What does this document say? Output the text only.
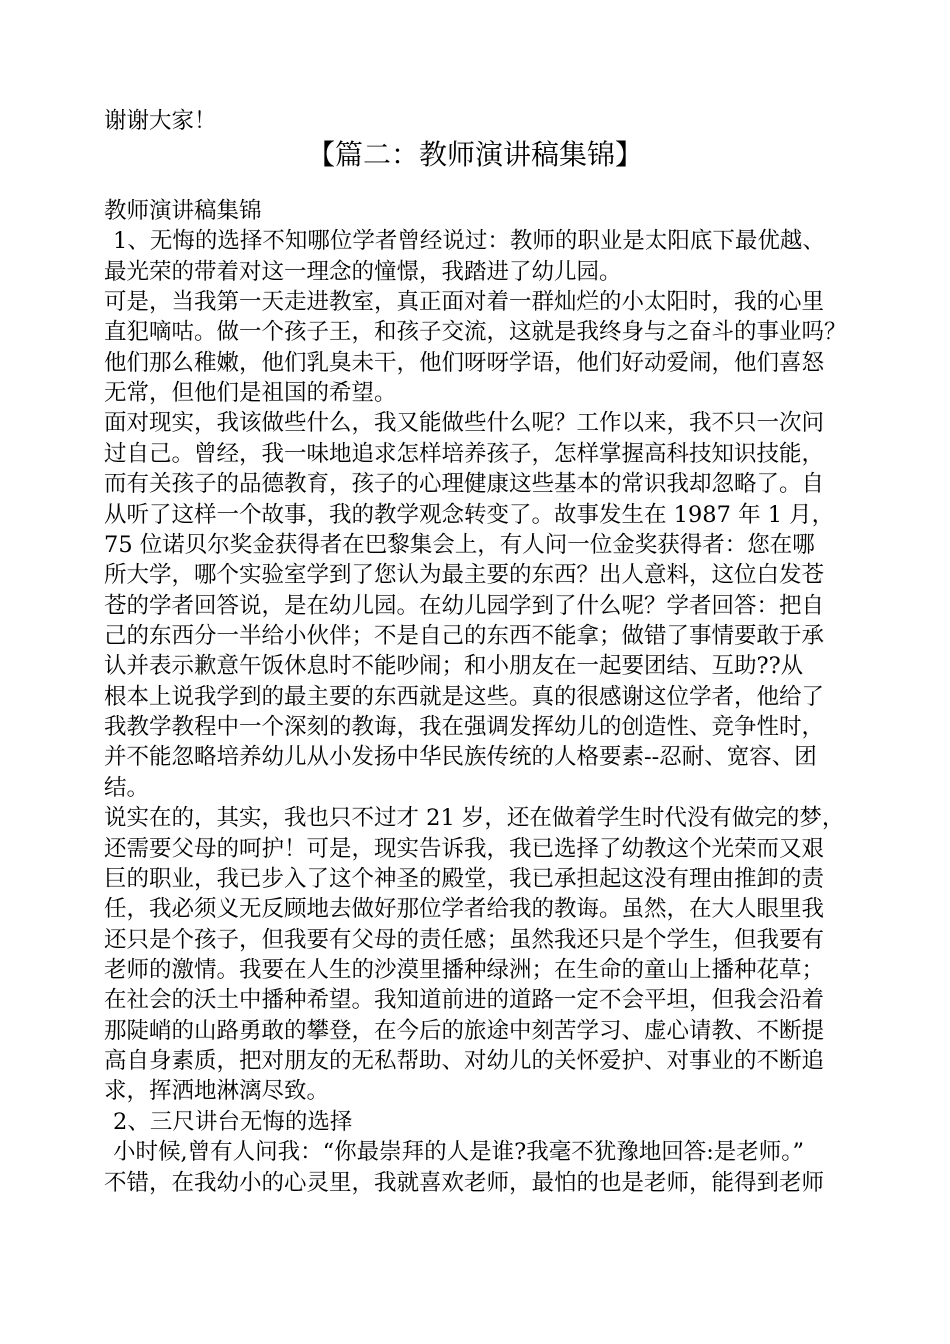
谢谢大家！
【篇二：教师演讲稿集锦】
教师演讲稿集锦
1、无悔的选择不知哪位学者曾经说过：教师的职业是太阳底下最优越、
最光荣的带着对这一理念的憧憬，我踏进了幼儿园。
可是，当我第一天走进教室，真正面对着一群灿烂的小太阳时，我的心里
直犯嘀咕。做一个孩子王，和孩子交流，这就是我终身与之奋斗的事业吗？
他们那么稚嫩，他们乳臭未干，他们呀呀学语，他们好动爱闹，他们喜怒
无常，但他们是祖国的希望。
面对现实，我该做些什么，我又能做些什么呢？工作以来，我不只一次问
过自己。曾经，我一味地追求怎样培养孩子，怎样掌握高科技知识技能，
而有关孩子的品德教育，孩子的心理健康这些基本的常识我却忽略了。自
从听了这样一个故事，我的教学观念转变了。故事发生在 1987 年 1 月，
75 位诺贝尔奖金获得者在巴黎集会上，有人问一位金奖获得者：您在哪
所大学，哪个实验室学到了您认为最主要的东西？出人意料，这位白发苍
苍的学者回答说，是在幼儿园。在幼儿园学到了什么呢？学者回答：把自
己的东西分一半给小伙伴；不是自己的东西不能拿；做错了事情要敢于承
认并表示歉意午饭休息时不能吵闹；和小朋友在一起要团结、互助??从
根本上说我学到的最主要的东西就是这些。真的很感谢这位学者，他给了
我教学教程中一个深刻的教诲，我在强调发挥幼儿的创造性、竞争性时，
并不能忽略培养幼儿从小发扬中华民族传统的人格要素--忍耐、宽容、团
结。
说实在的，其实，我也只不过才 21 岁，还在做着学生时代没有做完的梦，
还需要父母的呵护！可是，现实告诉我，我已选择了幼教这个光荣而又艰
巨的职业，我已步入了这个神圣的殿堂，我已承担起这没有理由推卸的责
任，我必须义无反顾地去做好那位学者给我的教诲。虽然，在大人眼里我
还只是个孩子，但我要有父母的责任感；虽然我还只是个学生，但我要有
老师的激情。我要在人生的沙漠里播种绿洲；在生命的童山上播种花草；
在社会的沃土中播种希望。我知道前进的道路一定不会平坦，但我会沿着
那陡峭的山路勇敢的攀登，在今后的旅途中刻苦学习、虚心请教、不断提
高自身素质，把对朋友的无私帮助、对幼儿的关怀爱护、对事业的不断追
求，挥洒地淋漓尽致。
2、三尺讲台无悔的选择
小时候,曾有人问我：“你最崇拜的人是谁?我毫不犹豫地回答:是老师。”
不错，在我幼小的心灵里，我就喜欢老师，最怕的也是老师，能得到老师
